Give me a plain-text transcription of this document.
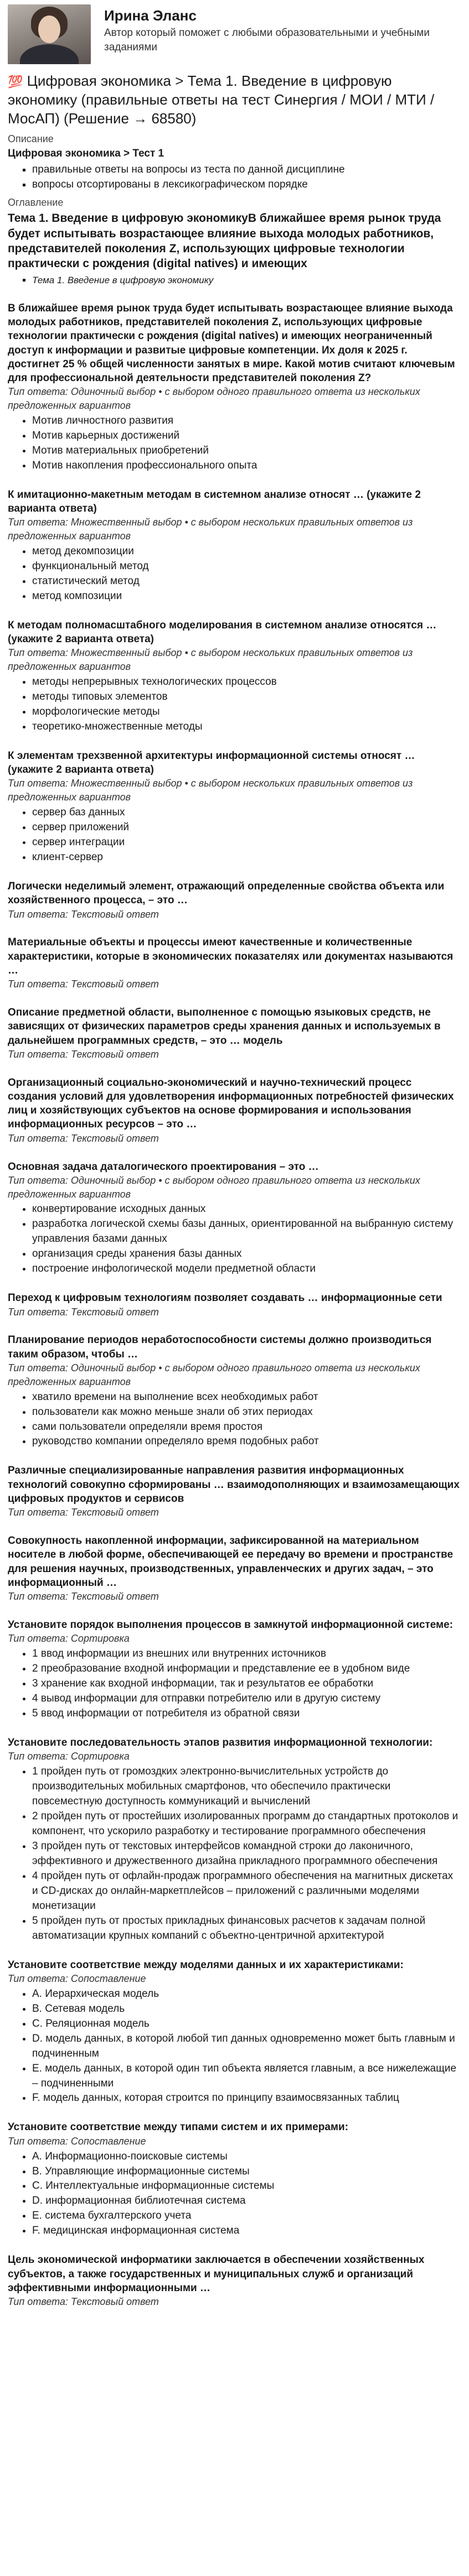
Ирина Эланс
Автор который поможет с любыми образовательными и учебными заданиями
💯 Цифровая экономика > Тема 1. Введение в цифровую экономику (правильные ответы на тест Синергия / МОИ / МТИ / МосАП) (Решение → 68580)
Описание
Цифровая экономика > Тест 1
▪ правильные ответы на вопросы из теста по данной дисциплине
▪ вопросы отсортированы в лексикографическом порядке
Оглавление
Тема 1. Введение в цифровую экономикуВ ближайшее время рынок труда будет испытывать возрастающее влияние выхода молодых работников, представителей поколения Z, использующих цифровые технологии практически с рождения (digital natives) и имеющих
▪ Тема 1. Введение в цифровую экономику
В ближайшее время рынок труда будет испытывать возрастающее влияние выхода молодых работников, представителей поколения Z, использующих цифровые технологии практически с рождения (digital natives) и имеющих неограниченный доступ к информации и развитые цифровые компетенции. Их доля к 2025 г. достигнет 25 % общей численности занятых в мире. Какой мотив считают ключевым для профессиональной деятельности представителей поколения Z?
Тип ответа: Одиночный выбор • с выбором одного правильного ответа из нескольких предложенных вариантов
• Мотив личностного развития
• Мотив карьерных достижений
• Мотив материальных приобретений
• Мотив накопления профессионального опыта
К имитационно-макетным методам в системном анализе относят … (укажите 2 варианта ответа)
Тип ответа: Множественный выбор • с выбором нескольких правильных ответов из предложенных вариантов
• метод декомпозиции
• функциональный метод
• статистический метод
• метод композиции
К методам полномасштабного моделирования в системном анализе относятся … (укажите 2 варианта ответа)
Тип ответа: Множественный выбор • с выбором нескольких правильных ответов из предложенных вариантов
• методы непрерывных технологических процессов
• методы типовых элементов
• морфологические методы
• теоретико-множественные методы
К элементам трехзвенной архитектуры информационной системы относят … (укажите 2 варианта ответа)
Тип ответа: Множественный выбор • с выбором нескольких правильных ответов из предложенных вариантов
• сервер баз данных
• сервер приложений
• сервер интеграции
• клиент-сервер
Логически неделимый элемент, отражающий определенные свойства объекта или хозяйственного процесса, – это …
Тип ответа: Текстовый ответ
Материальные объекты и процессы имеют качественные и количественные характеристики, которые в экономических показателях или документах называются …
Тип ответа: Текстовый ответ
Описание предметной области, выполненное с помощью языковых средств, не зависящих от физических параметров среды хранения данных и используемых в дальнейшем программных средств, – это … модель
Тип ответа: Текстовый ответ
Организационный социально-экономический и научно-технический процесс создания условий для удовлетворения информационных потребностей физических лиц и хозяйствующих субъектов на основе формирования и использования информационных ресурсов – это …
Тип ответа: Текстовый ответ
Основная задача даталогического проектирования – это …
Тип ответа: Одиночный выбор • с выбором одного правильного ответа из нескольких предложенных вариантов
• конвертирование исходных данных
• разработка логической схемы базы данных, ориентированной на выбранную систему управления базами данных
• организация среды хранения базы данных
• построение инфологической модели предметной области
Переход к цифровым технологиям позволяет создавать … информационные сети
Тип ответа: Текстовый ответ
Планирование периодов неработоспособности системы должно производиться таким образом, чтобы …
Тип ответа: Одиночный выбор • с выбором одного правильного ответа из нескольких предложенных вариантов
• хватило времени на выполнение всех необходимых работ
• пользователи как можно меньше знали об этих периодах
• сами пользователи определяли время простоя
• руководство компании определяло время подобных работ
Различные специализированные направления развития информационных технологий совокупно сформированы … взаимодополняющих и взаимозамещающих цифровых продуктов и сервисов
Тип ответа: Текстовый ответ
Совокупность накопленной информации, зафиксированной на материальном носителе в любой форме, обеспечивающей ее передачу во времени и пространстве для решения научных, производственных, управленческих и других задач, – это информационный …
Тип ответа: Текстовый ответ
Установите порядок выполнения процессов в замкнутой информационной системе:
Тип ответа: Сортировка
• 1 ввод информации из внешних или внутренних источников
• 2 преобразование входной информации и представление ее в удобном виде
• 3 хранение как входной информации, так и результатов ее обработки
• 4 вывод информации для отправки потребителю или в другую систему
• 5 ввод информации от потребителя из обратной связи
Установите последовательность этапов развития информационной технологии:
Тип ответа: Сортировка
• 1 пройден путь от громоздких электронно-вычислительных устройств до производительных мобильных смартфонов, что обеспечило практически повсеместную доступность коммуникаций и вычислений
• 2 пройден путь от простейших изолированных программ до стандартных протоколов и компонент, что ускорило разработку и тестирование программного обеспечения
• 3 пройден путь от текстовых интерфейсов командной строки до лаконичного, эффективного и дружественного дизайна прикладного программного обеспечения
• 4 пройден путь от офлайн-продаж программного обеспечения на магнитных дискетах и CD-дисках до онлайн-маркетплейсов – приложений с различными моделями монетизации
• 5 пройден путь от простых прикладных финансовых расчетов к задачам полной автоматизации крупных компаний с объектно-центричной архитектурой
Установите соответствие между моделями данных и их характеристиками:
Тип ответа: Сопоставление
• A. Иерархическая модель
• B. Сетевая модель
• C. Реляционная модель
• D. модель данных, в которой любой тип данных одновременно может быть главным и подчиненным
• E. модель данных, в которой один тип объекта является главным, а все нижележащие – подчиненными
• F. модель данных, которая строится по принципу взаимосвязанных таблиц
Установите соответствие между типами систем и их примерами:
Тип ответа: Сопоставление
• A. Информационно-поисковые системы
• B. Управляющие информационные системы
• C. Интеллектуальные информационные системы
• D. информационная библиотечная система
• E. система бухгалтерского учета
• F. медицинская информационная система
Цель экономической информатики заключается в обеспечении хозяйственных субъектов, а также государственных и муниципальных служб и организаций эффективными информационными …
Тип ответа: Текстовый ответ
